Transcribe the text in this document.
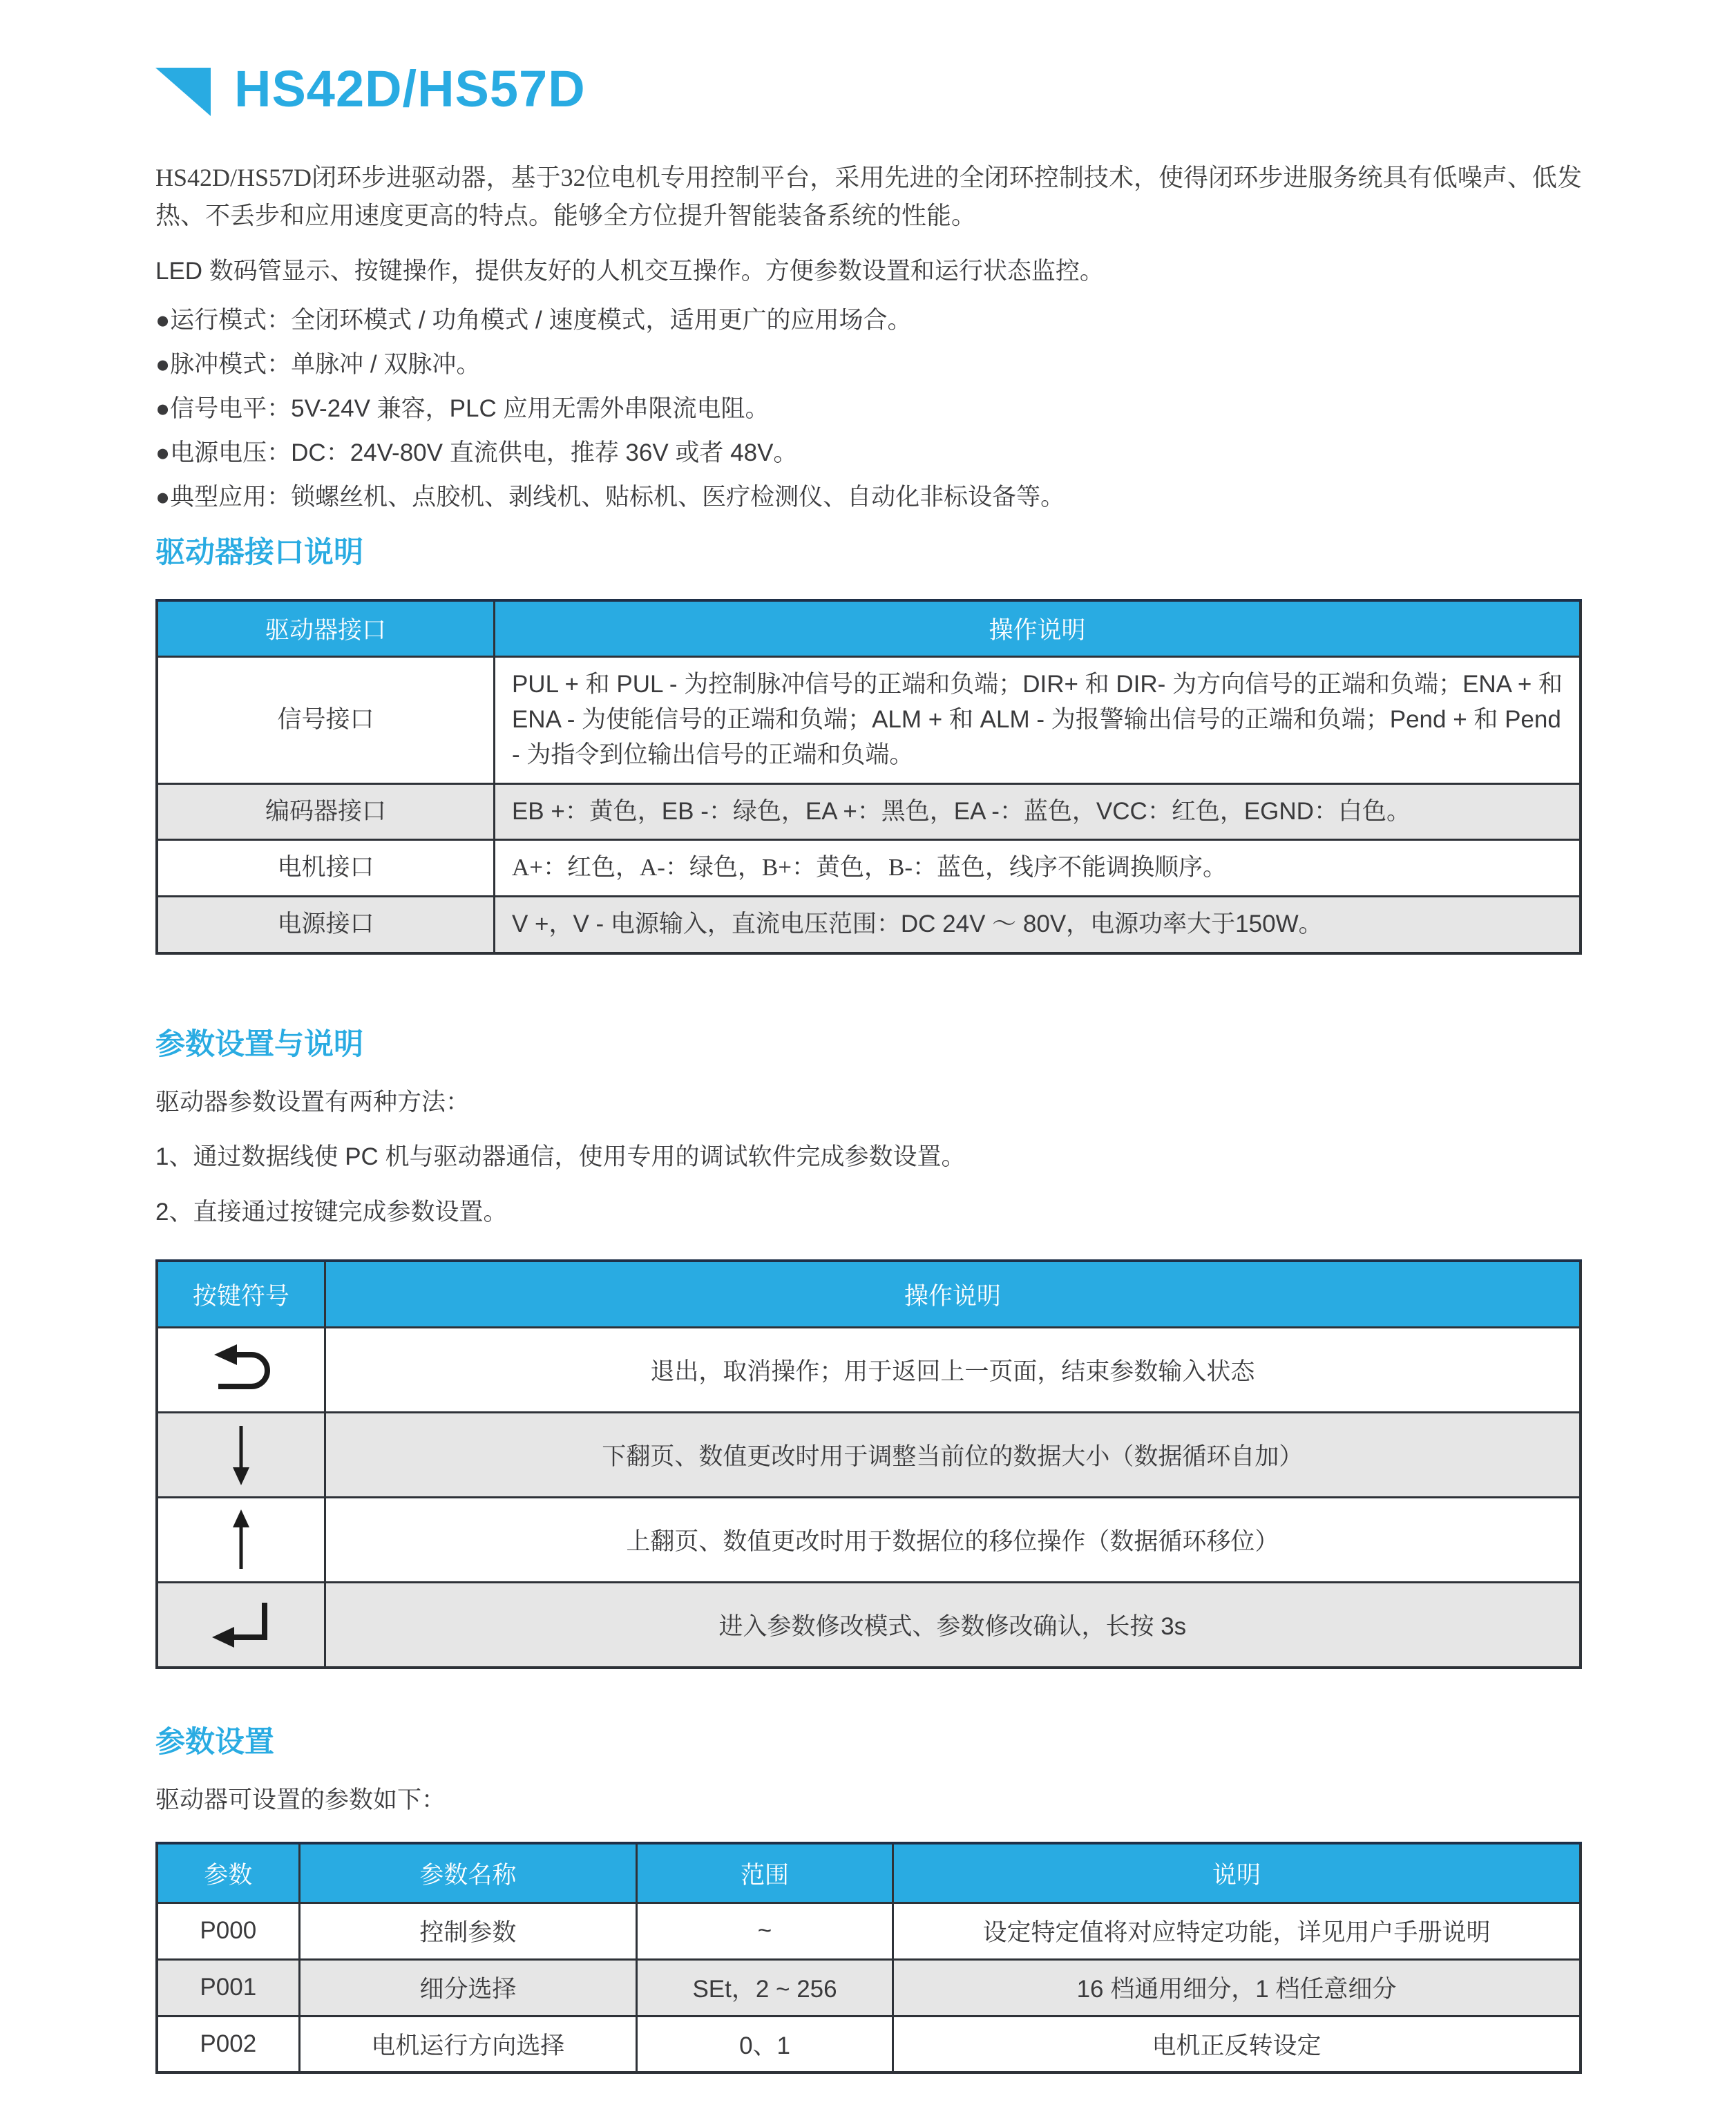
HS42D/HS57D

HS42D/HS57D闭环步进驱动器，基于32位电机专用控制平台，采用先进的全闭环控制技术，使得闭环步进服务统具有低噪声、低发热、不丢步和应用速度更高的特点。能够全方位提升智能装备系统的性能。

LED 数码管显示、按键操作，提供友好的人机交互操作。方便参数设置和运行状态监控。

●运行模式：全闭环模式 / 功角模式 / 速度模式，适用更广的应用场合。
●脉冲模式：单脉冲 / 双脉冲。
●信号电平：5V-24V 兼容，PLC 应用无需外串限流电阻。
●电源电压：DC：24V-80V 直流供电，推荐 36V 或者 48V。
●典型应用：锁螺丝机、点胶机、剥线机、贴标机、医疗检测仪、自动化非标设备等。
驱动器接口说明
驱动器接口	操作说明
信号接口	PUL + 和 PUL - 为控制脉冲信号的正端和负端；DIR+ 和 DIR- 为方向信号的正端和负端；ENA + 和 ENA - 为使能信号的正端和负端；ALM + 和 ALM - 为报警输出信号的正端和负端；Pend + 和 Pend - 为指令到位输出信号的正端和负端。
编码器接口	EB +：黄色，EB -：绿色，EA +：黑色，EA -：蓝色，VCC：红色，EGND：白色。
电机接口	A+：红色，A-：绿色，B+：黄色，B-：蓝色，线序不能调换顺序。
电源接口	V +，V - 电源输入，直流电压范围：DC 24V ～ 80V，电源功率大于150W。
参数设置与说明

驱动器参数设置有两种方法：

1、通过数据线使 PC 机与驱动器通信，使用专用的调试软件完成参数设置。

2、直接通过按键完成参数设置。

按键符号	操作说明

	退出，取消操作；用于返回上一页面，结束参数输入状态

	下翻页、数值更改时用于调整当前位的数据大小（数据循环自加）

	上翻页、数值更改时用于数据位的移位操作（数据循环移位）

	进入参数修改模式、参数修改确认，长按 3s
参数设置

驱动器可设置的参数如下：

参数	参数名称	范围	说明
P000	控制参数	~	设定特定值将对应特定功能，详见用户手册说明
P001	细分选择	SEt，2 ~ 256	16 档通用细分，1 档任意细分
P002	电机运行方向选择	0、1	电机正反转设定
